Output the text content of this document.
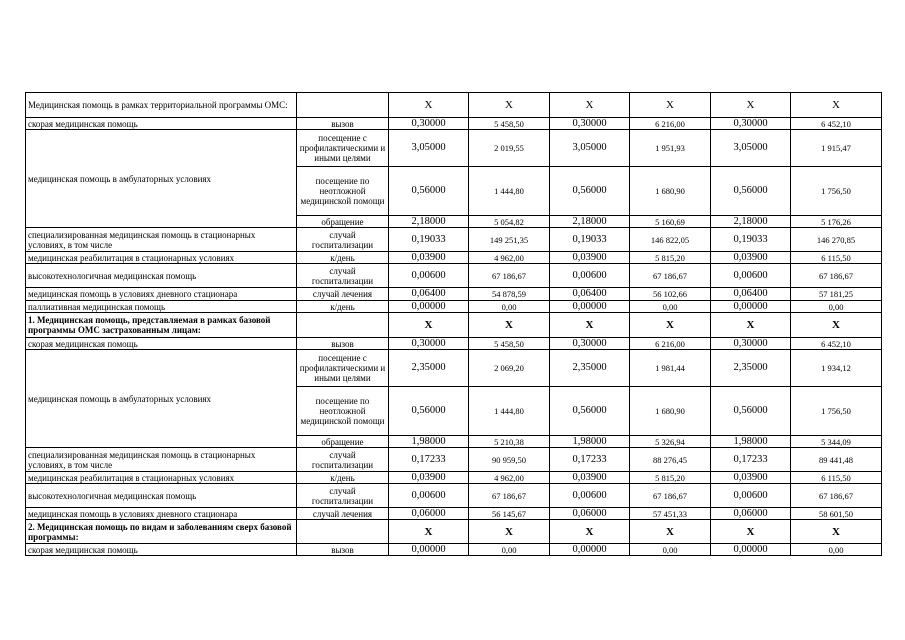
Медицинская помощь в рамках территориальной программы ОМС:		X	X	X	X	X	X
скорая медицинская помощь	вызов	0,30000	5 458,50	0,30000	6 216,00	0,30000	6 452,10
медицинская помощь в амбулаторных условиях	посещение с профилактическими и иными целями	3,05000	2 019,55	3,05000	1 951,93	3,05000	1 915,47
	посещение по неотложной медицинской помощи	0,56000	1 444,80	0,56000	1 680,90	0,56000	1 756,50
	обращение	2,18000	5 054,82	2,18000	5 160,69	2,18000	5 176,26
специализированная медицинская помощь в стационарных условиях, в том числе	случай госпитализации	0,19033	149 251,35	0,19033	146 822,05	0,19033	146 270,85
медицинская реабилитация в стационарных условиях	к/день	0,03900	4 962,00	0,03900	5 815,20	0,03900	6 115,50
высокотехнологичная медицинская помощь	случай госпитализации	0,00600	67 186,67	0,00600	67 186,67	0,00600	67 186,67
медицинская помощь в условиях дневного стационара	случай лечения	0,06400	54 878,59	0,06400	56 102,66	0,06400	57 181,25
паллиативная медицинская помощь	к/день	0,00000	0,00	0,00000	0,00	0,00000	0,00
1. Медицинская помощь, представляемая в рамках базовой программы ОМС застрахованным лицам:		X	X	X	X	X	X
скорая медицинская помощь	вызов	0,30000	5 458,50	0,30000	6 216,00	0,30000	6 452,10
медицинская помощь в амбулаторных условиях	посещение с профилактическими и иными целями	2,35000	2 069,20	2,35000	1 981,44	2,35000	1 934,12
	посещение по неотложной медицинской помощи	0,56000	1 444,80	0,56000	1 680,90	0,56000	1 756,50
	обращение	1,98000	5 210,38	1,98000	5 326,94	1,98000	5 344,09
специализированная медицинская помощь в стационарных условиях, в том числе	случай госпитализации	0,17233	90 959,50	0,17233	88 276,45	0,17233	89 441,48
медицинская реабилитация в стационарных условиях	к/день	0,03900	4 962,00	0,03900	5 815,20	0,03900	6 115,50
высокотехнологичная медицинская помощь	случай госпитализации	0,00600	67 186,67	0,00600	67 186,67	0,00600	67 186,67
медицинская помощь в условиях дневного стационара	случай лечения	0,06000	56 145,67	0,06000	57 451,33	0,06000	58 601,50
2. Медицинская помощь по видам и заболеваниям сверх базовой программы:		X	X	X	X	X	X
скорая медицинская помощь	вызов	0,00000	0,00	0,00000	0,00	0,00000	0,00
